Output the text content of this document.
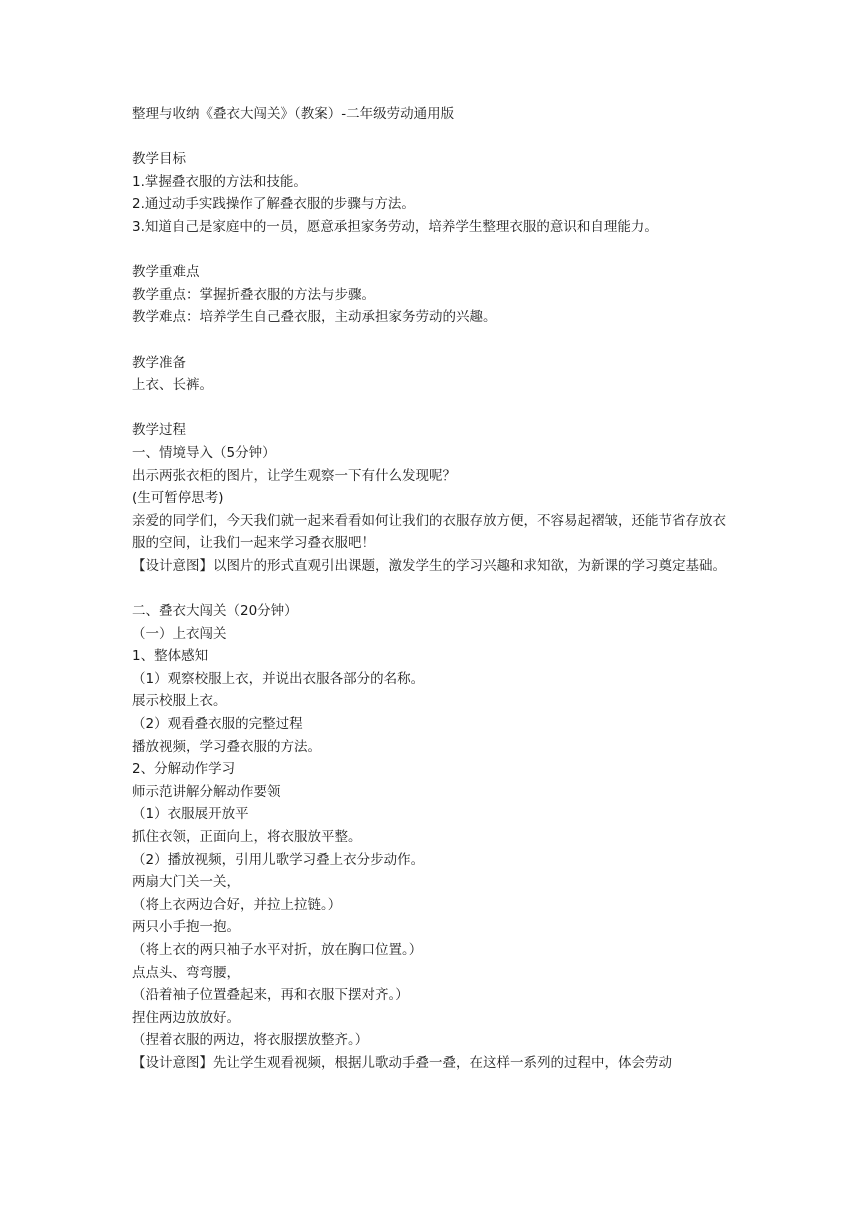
整理与收纳《叠衣大闯关》（教案）-二年级劳动通用版
教学目标
1.掌握叠衣服的方法和技能。
2.通过动手实践操作了解叠衣服的步骤与方法。
3.知道自己是家庭中的一员，愿意承担家务劳动，培养学生整理衣服的意识和自理能力。
教学重难点
教学重点：掌握折叠衣服的方法与步骤。
教学难点：培养学生自己叠衣服，主动承担家务劳动的兴趣。
教学准备
上衣、长裤。
教学过程
一、情境导入（5分钟）
出示两张衣柜的图片，让学生观察一下有什么发现呢？
(生可暂停思考)
亲爱的同学们，今天我们就一起来看看如何让我们的衣服存放方便，不容易起褶皱，还能节省存放衣服的空间，让我们一起来学习叠衣服吧！
【设计意图】以图片的形式直观引出课题，激发学生的学习兴趣和求知欲，为新课的学习奠定基础。
二、叠衣大闯关（20分钟）
（一）上衣闯关
1、整体感知
（1）观察校服上衣，并说出衣服各部分的名称。
展示校服上衣。
（2）观看叠衣服的完整过程
播放视频，学习叠衣服的方法。
2、分解动作学习
师示范讲解分解动作要领
（1）衣服展开放平
抓住衣领，正面向上，将衣服放平整。
（2）播放视频，引用儿歌学习叠上衣分步动作。
两扇大门关一关，
（将上衣两边合好，并拉上拉链。）
两只小手抱一抱。
（将上衣的两只袖子水平对折，放在胸口位置。）
点点头、弯弯腰，
（沿着袖子位置叠起来，再和衣服下摆对齐。）
捏住两边放放好。
（捏着衣服的两边，将衣服摆放整齐。）
【设计意图】先让学生观看视频，根据儿歌动手叠一叠，在这样一系列的过程中，体会劳动
